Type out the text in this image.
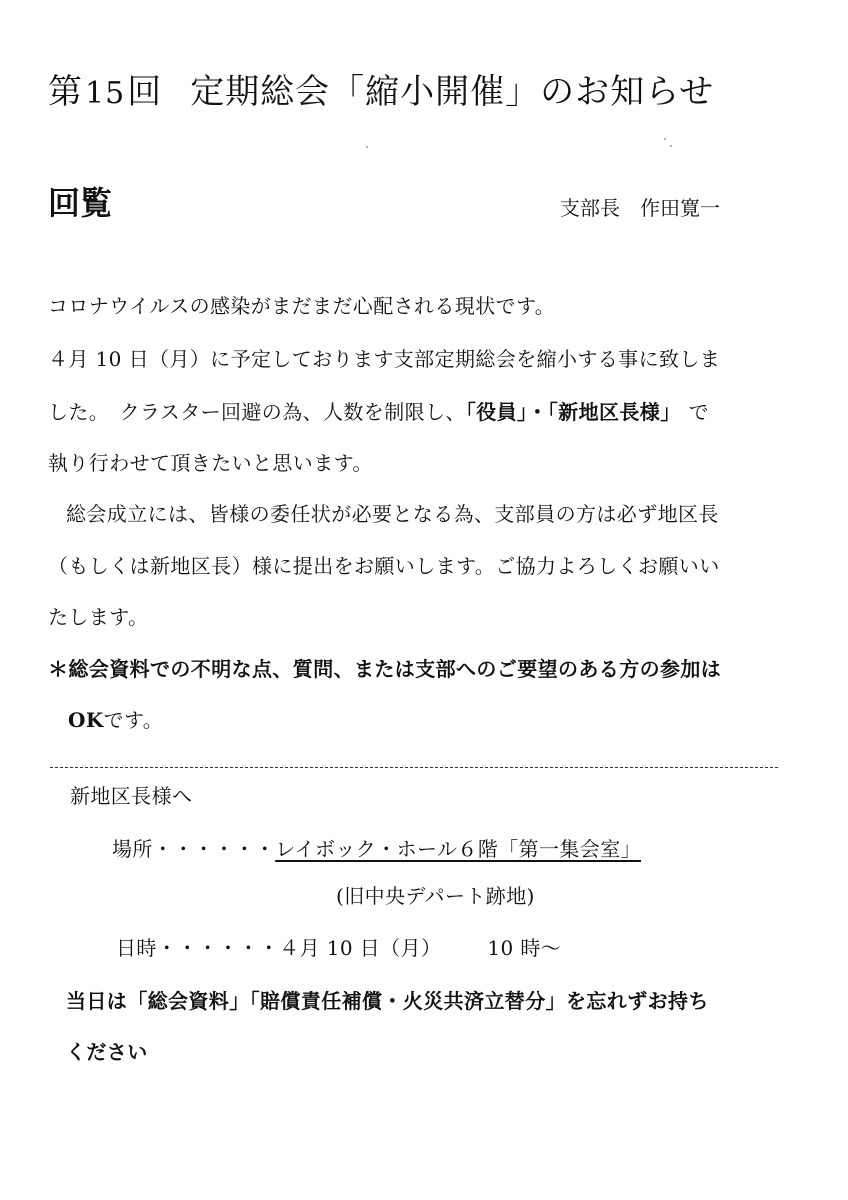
第15回 定期総会「縮小開催」のお知らせ
回覧	支部長 作田寛一
コロナウイルスの感染がまだまだ心配される現状です。
４月 10 日（月）に予定しております支部定期総会を縮小する事に致しま
した。　クラスター回避の為、人数を制限し、「役員」・「新地区長様」 で
執り行わせて頂きたいと思います。
総会成立には、皆様の委任状が必要となる為、支部員の方は必ず地区長
（もしくは新地区長）様に提出をお願いします。ご協力よろしくお願いい
たします。
＊総会資料での不明な点、質問、または支部へのご要望のある方の参加は
OKです。
新地区長様へ
場所・・・・・・レイボック・ホール６階「第一集会室」
(旧中央デパート跡地)
日時・・・・・・４月 10 日（月） 10 時～
当日は「総会資料」「賠償責任補償・火災共済立替分」を忘れずお持ち
ください
